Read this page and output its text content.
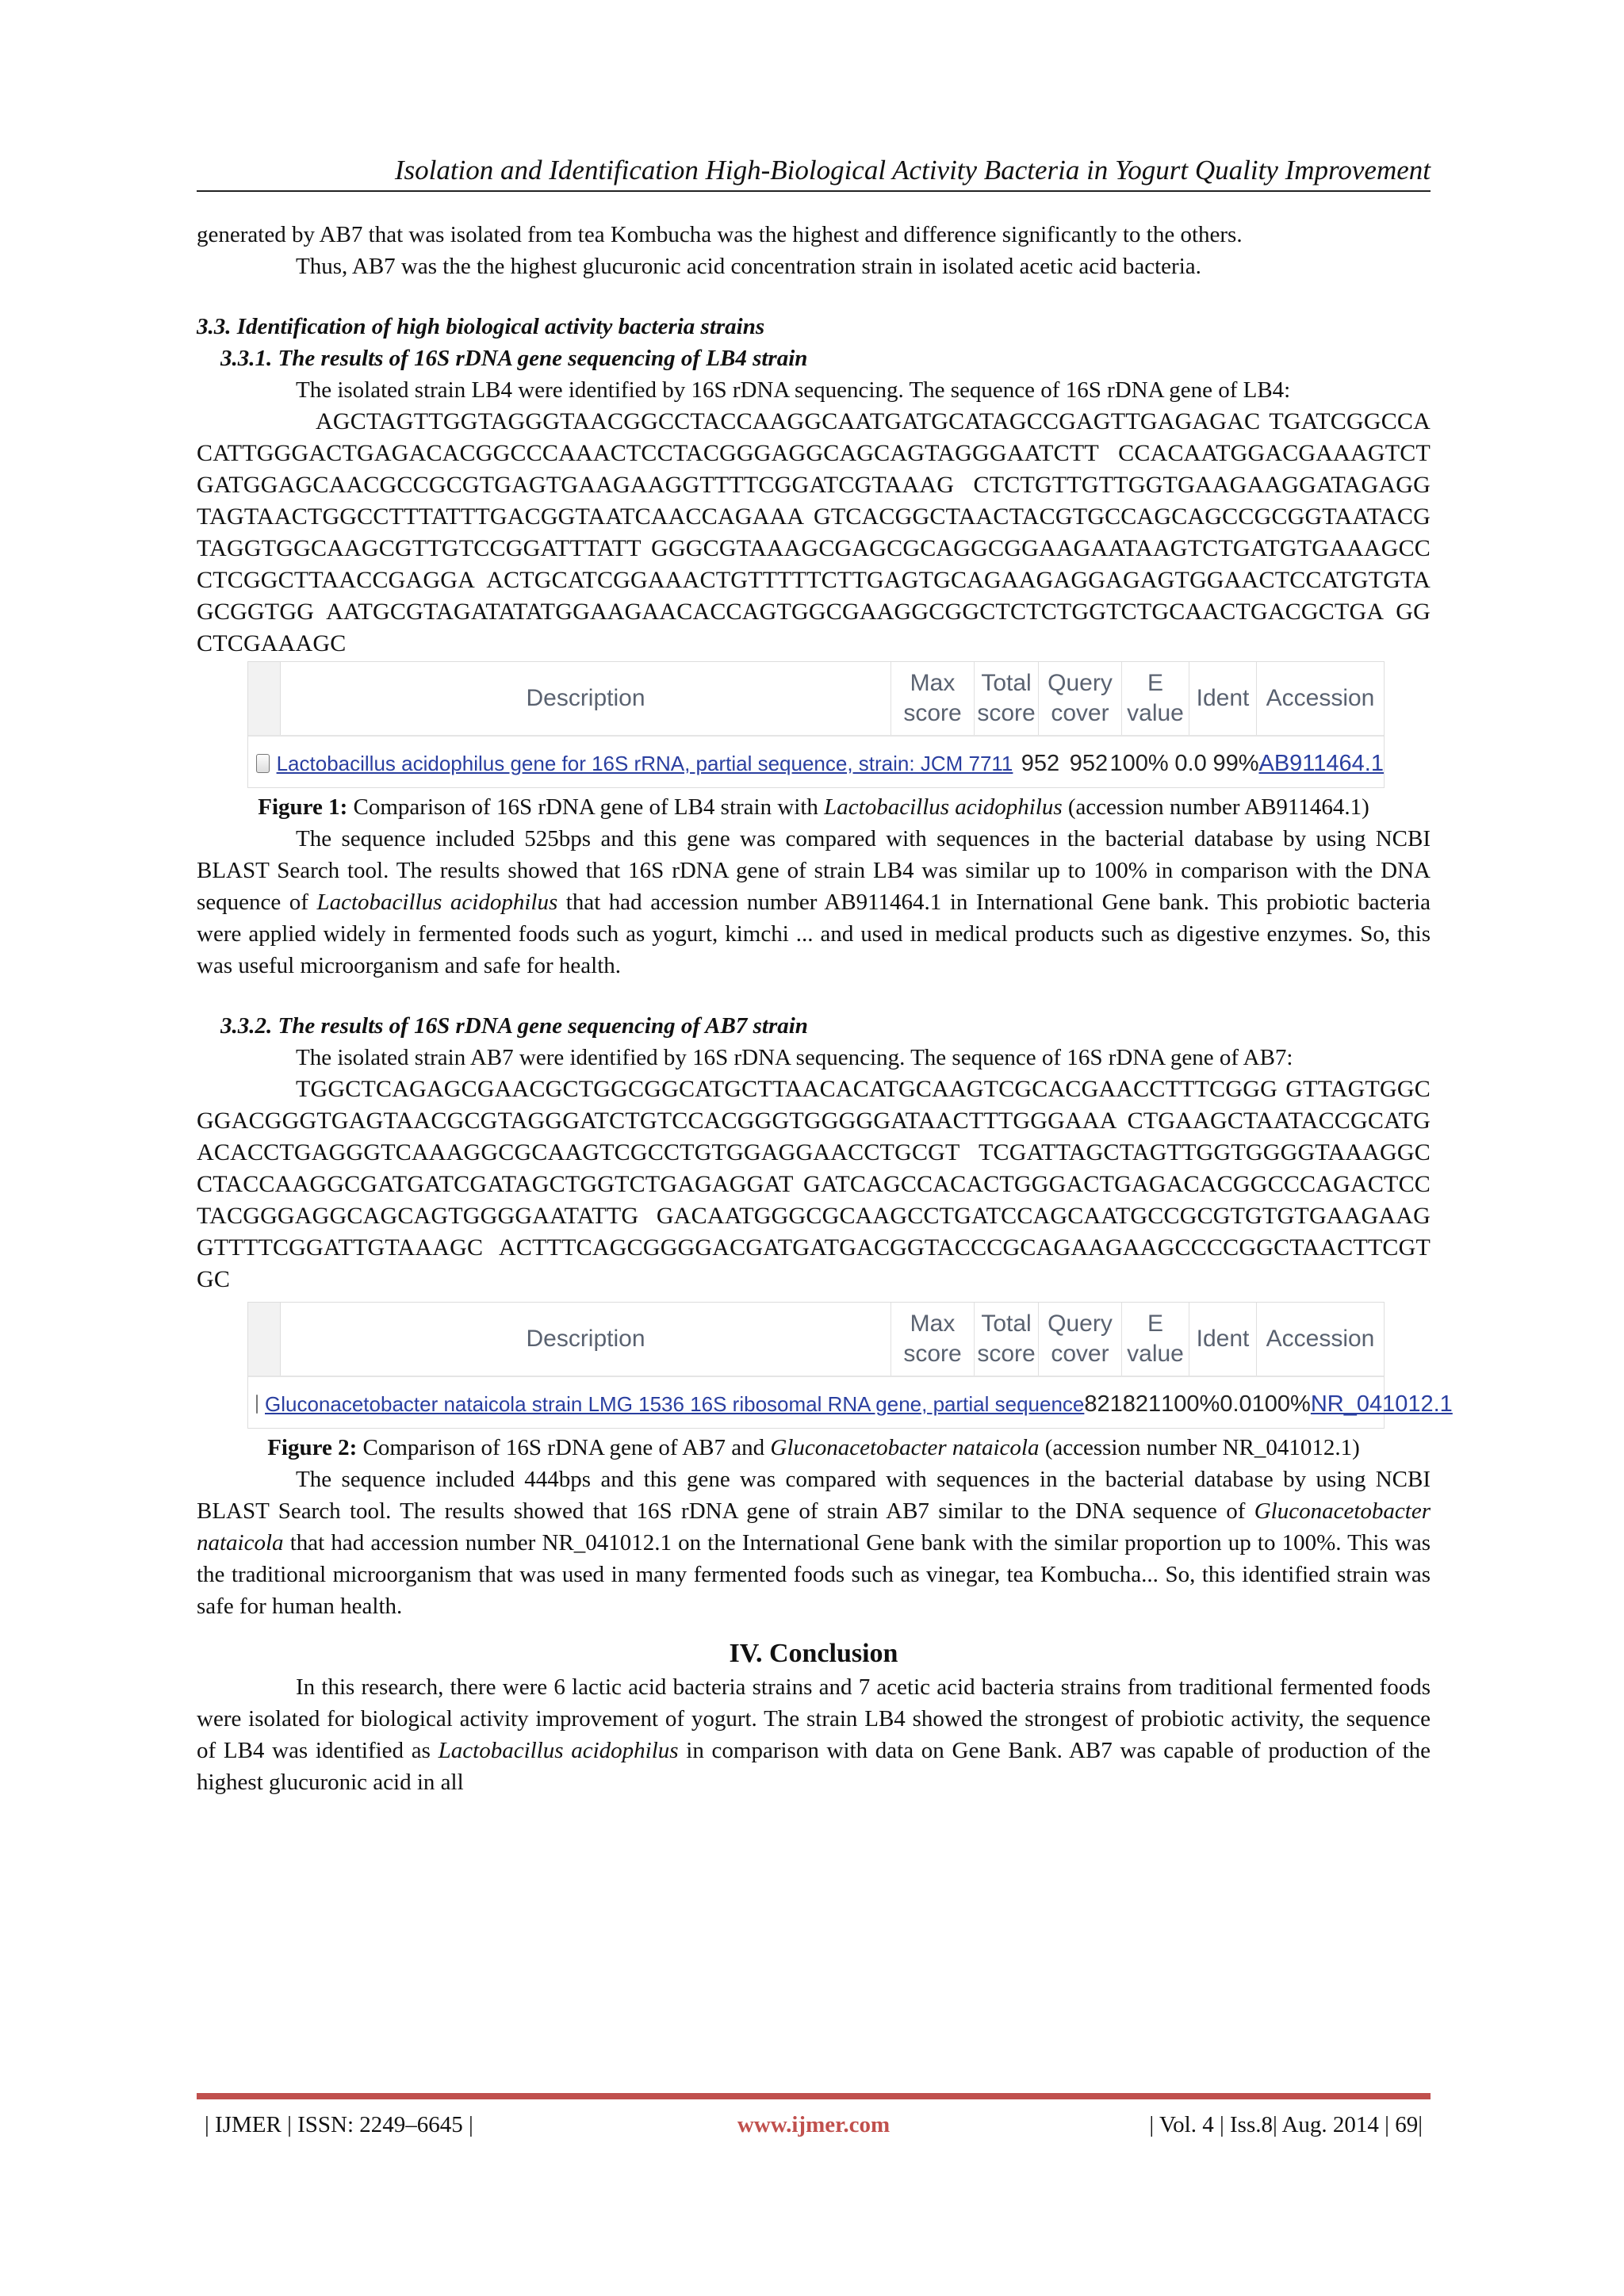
Isolation and Identification High-Biological Activity Bacteria in Yogurt Quality Improvement

generated by AB7 that was isolated from tea Kombucha was the highest and difference significantly to the others.

Thus, AB7 was the the highest glucuronic acid concentration strain in isolated acetic acid bacteria.

3.3. Identification of high biological activity bacteria strains

3.3.1. The results of 16S rDNA gene sequencing of LB4 strain

The isolated strain LB4 were identified by 16S rDNA sequencing. The sequence of 16S rDNA gene of LB4:

AGCTAGTTGGTAGGGTAACGGCCTACCAAGGCAATGATGCATAGCCGAGTTGAGAGAC TGATCGGCCACATTGGGACTGAGACACGGCCCAAACTCCTACGGGAGGCAGCAGTAGGGAATCTT CCACAATGGACGAAAGTCTGATGGAGCAACGCCGCGTGAGTGAAGAAGGTTTTCGGATCGTAAAG CTCTGTTGTTGGTGAAGAAGGATAGAGGTAGTAACTGGCCTTTATTTGACGGTAATCAACCAGAAA GTCACGGCTAACTACGTGCCAGCAGCCGCGGTAATACGTAGGTGGCAAGCGTTGTCCGGATTTATT GGGCGTAAAGCGAGCGCAGGCGGAAGAATAAGTCTGATGTGAAAGCCCTCGGCTTAACCGAGGA ACTGCATCGGAAACTGTTTTTCTTGAGTGCAGAAGAGGAGAGTGGAACTCCATGTGTAGCGGTGG AATGCGTAGATATATGGAAGAACACCAGTGGCGAAGGCGGCTCTCTGGTCTGCAACTGACGCTGA GGCTCGAAAGC

Description
Max score
Total score
Query cover
E value
Ident Accession
Lactobacillus acidophilus gene for 16S rRNA, partial sequence, strain: JCM 7711 952 952 100% 0.0 99% AB911464.1

Figure 1: Comparison of 16S rDNA gene of LB4 strain with Lactobacillus acidophilus (accession number AB911464.1)

The sequence included 525bps and this gene was compared with sequences in the bacterial database by using NCBI BLAST Search tool. The results showed that 16S rDNA gene of strain LB4 was similar up to 100% in comparison with the DNA sequence of Lactobacillus acidophilus that had accession number AB911464.1 in International Gene bank. This probiotic bacteria were applied widely in fermented foods such as yogurt, kimchi ... and used in medical products such as digestive enzymes. So, this was useful microorganism and safe for health.

3.3.2. The results of 16S rDNA gene sequencing of AB7 strain

The isolated strain AB7 were identified by 16S rDNA sequencing. The sequence of 16S rDNA gene of AB7:

TGGCTCAGAGCGAACGCTGGCGGCATGCTTAACACATGCAAGTCGCACGAACCTTTCGGG GTTAGTGGCGGACGGGTGAGTAACGCGTAGGGATCTGTCCACGGGTGGGGGATAACTTTGGGAAA CTGAAGCTAATACCGCATGACACCTGAGGGTCAAAGGCGCAAGTCGCCTGTGGAGGAACCTGCGT TCGATTAGCTAGTTGGTGGGGTAAAGGCCTACCAAGGCGATGATCGATAGCTGGTCTGAGAGGAT GATCAGCCACACTGGGACTGAGACACGGCCCAGACTCCTACGGGAGGCAGCAGTGGGGAATATTG GACAATGGGCGCAAGCCTGATCCAGCAATGCCGCGTGTGTGAAGAAGGTTTTCGGATTGTAAAGC ACTTTCAGCGGGGACGATGATGACGGTACCCGCAGAAGAAGCCCCGGCTAACTTCGTGC

Description
Max score
Total score
Query cover
E value
Ident Accession
Gluconacetobacter nataicola strain LMG 1536 16S ribosomal RNA gene, partial sequence 821 821 100% 0.0 100% NR_041012.1

Figure 2: Comparison of 16S rDNA gene of AB7 and Gluconacetobacter nataicola (accession number NR_041012.1)

The sequence included 444bps and this gene was compared with sequences in the bacterial database by using NCBI BLAST Search tool. The results showed that 16S rDNA gene of strain AB7 similar to the DNA sequence of Gluconacetobacter nataicola that had accession number NR_041012.1 on the International Gene bank with the similar proportion up to 100%. This was the traditional microorganism that was used in many fermented foods such as vinegar, tea Kombucha... So, this identified strain was safe for human health.

IV. Conclusion

In this research, there were 6 lactic acid bacteria strains and 7 acetic acid bacteria strains from traditional fermented foods were isolated for biological activity improvement of yogurt. The strain LB4 showed the strongest of probiotic activity, the sequence of LB4 was identified as Lactobacillus acidophilus in comparison with data on Gene Bank. AB7 was capable of production of the highest glucuronic acid in all

| IJMER | ISSN: 2249–6645 |	www.ijmer.com	| Vol. 4 | Iss.8| Aug. 2014 | 69|
